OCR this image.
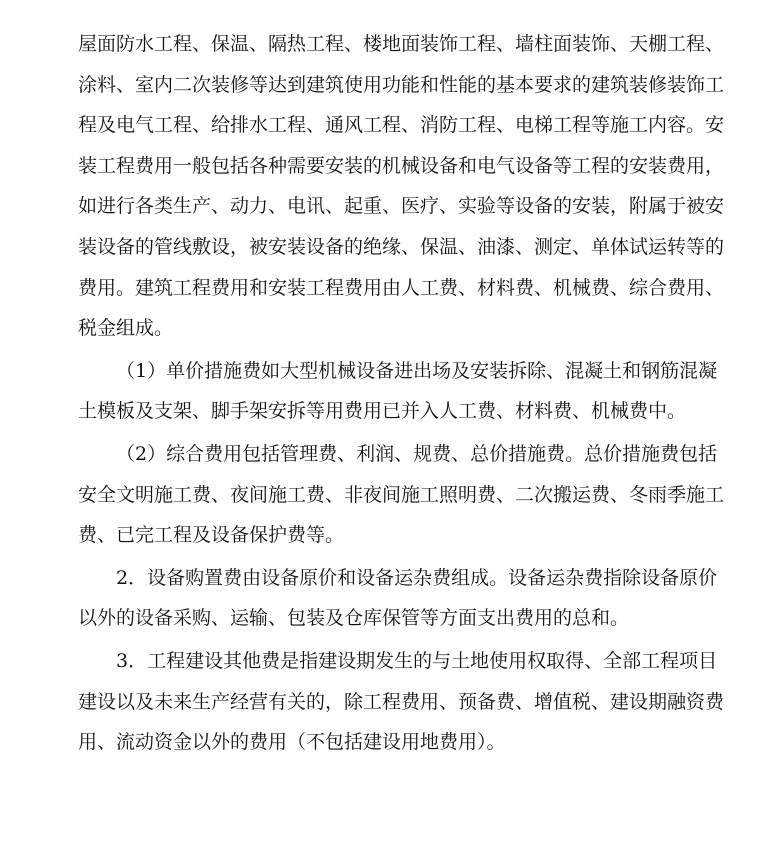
屋面防水工程、保温、隔热工程、楼地面装饰工程、墙柱面装饰、天棚工程、
涂料、室内二次装修等达到建筑使用功能和性能的基本要求的建筑装修装饰工
程及电气工程、给排水工程、通风工程、消防工程、电梯工程等施工内容。安
装工程费用一般包括各种需要安装的机械设备和电气设备等工程的安装费用，
如进行各类生产、动力、电讯、起重、医疗、实验等设备的安装，附属于被安
装设备的管线敷设，被安装设备的绝缘、保温、油漆、测定、单体试运转等的
费用。建筑工程费用和安装工程费用由人工费、材料费、机械费、综合费用、
税金组成。
（1）单价措施费如大型机械设备进出场及安装拆除、混凝土和钢筋混凝
土模板及支架、脚手架安拆等用费用已并入人工费、材料费、机械费中。
（2）综合费用包括管理费、利润、规费、总价措施费。总价措施费包括
安全文明施工费、夜间施工费、非夜间施工照明费、二次搬运费、冬雨季施工
费、已完工程及设备保护费等。
2．设备购置费由设备原价和设备运杂费组成。设备运杂费指除设备原价
以外的设备采购、运输、包装及仓库保管等方面支出费用的总和。
3．工程建设其他费是指建设期发生的与土地使用权取得、全部工程项目
建设以及未来生产经营有关的，除工程费用、预备费、增值税、建设期融资费
用、流动资金以外的费用（不包括建设用地费用）。
